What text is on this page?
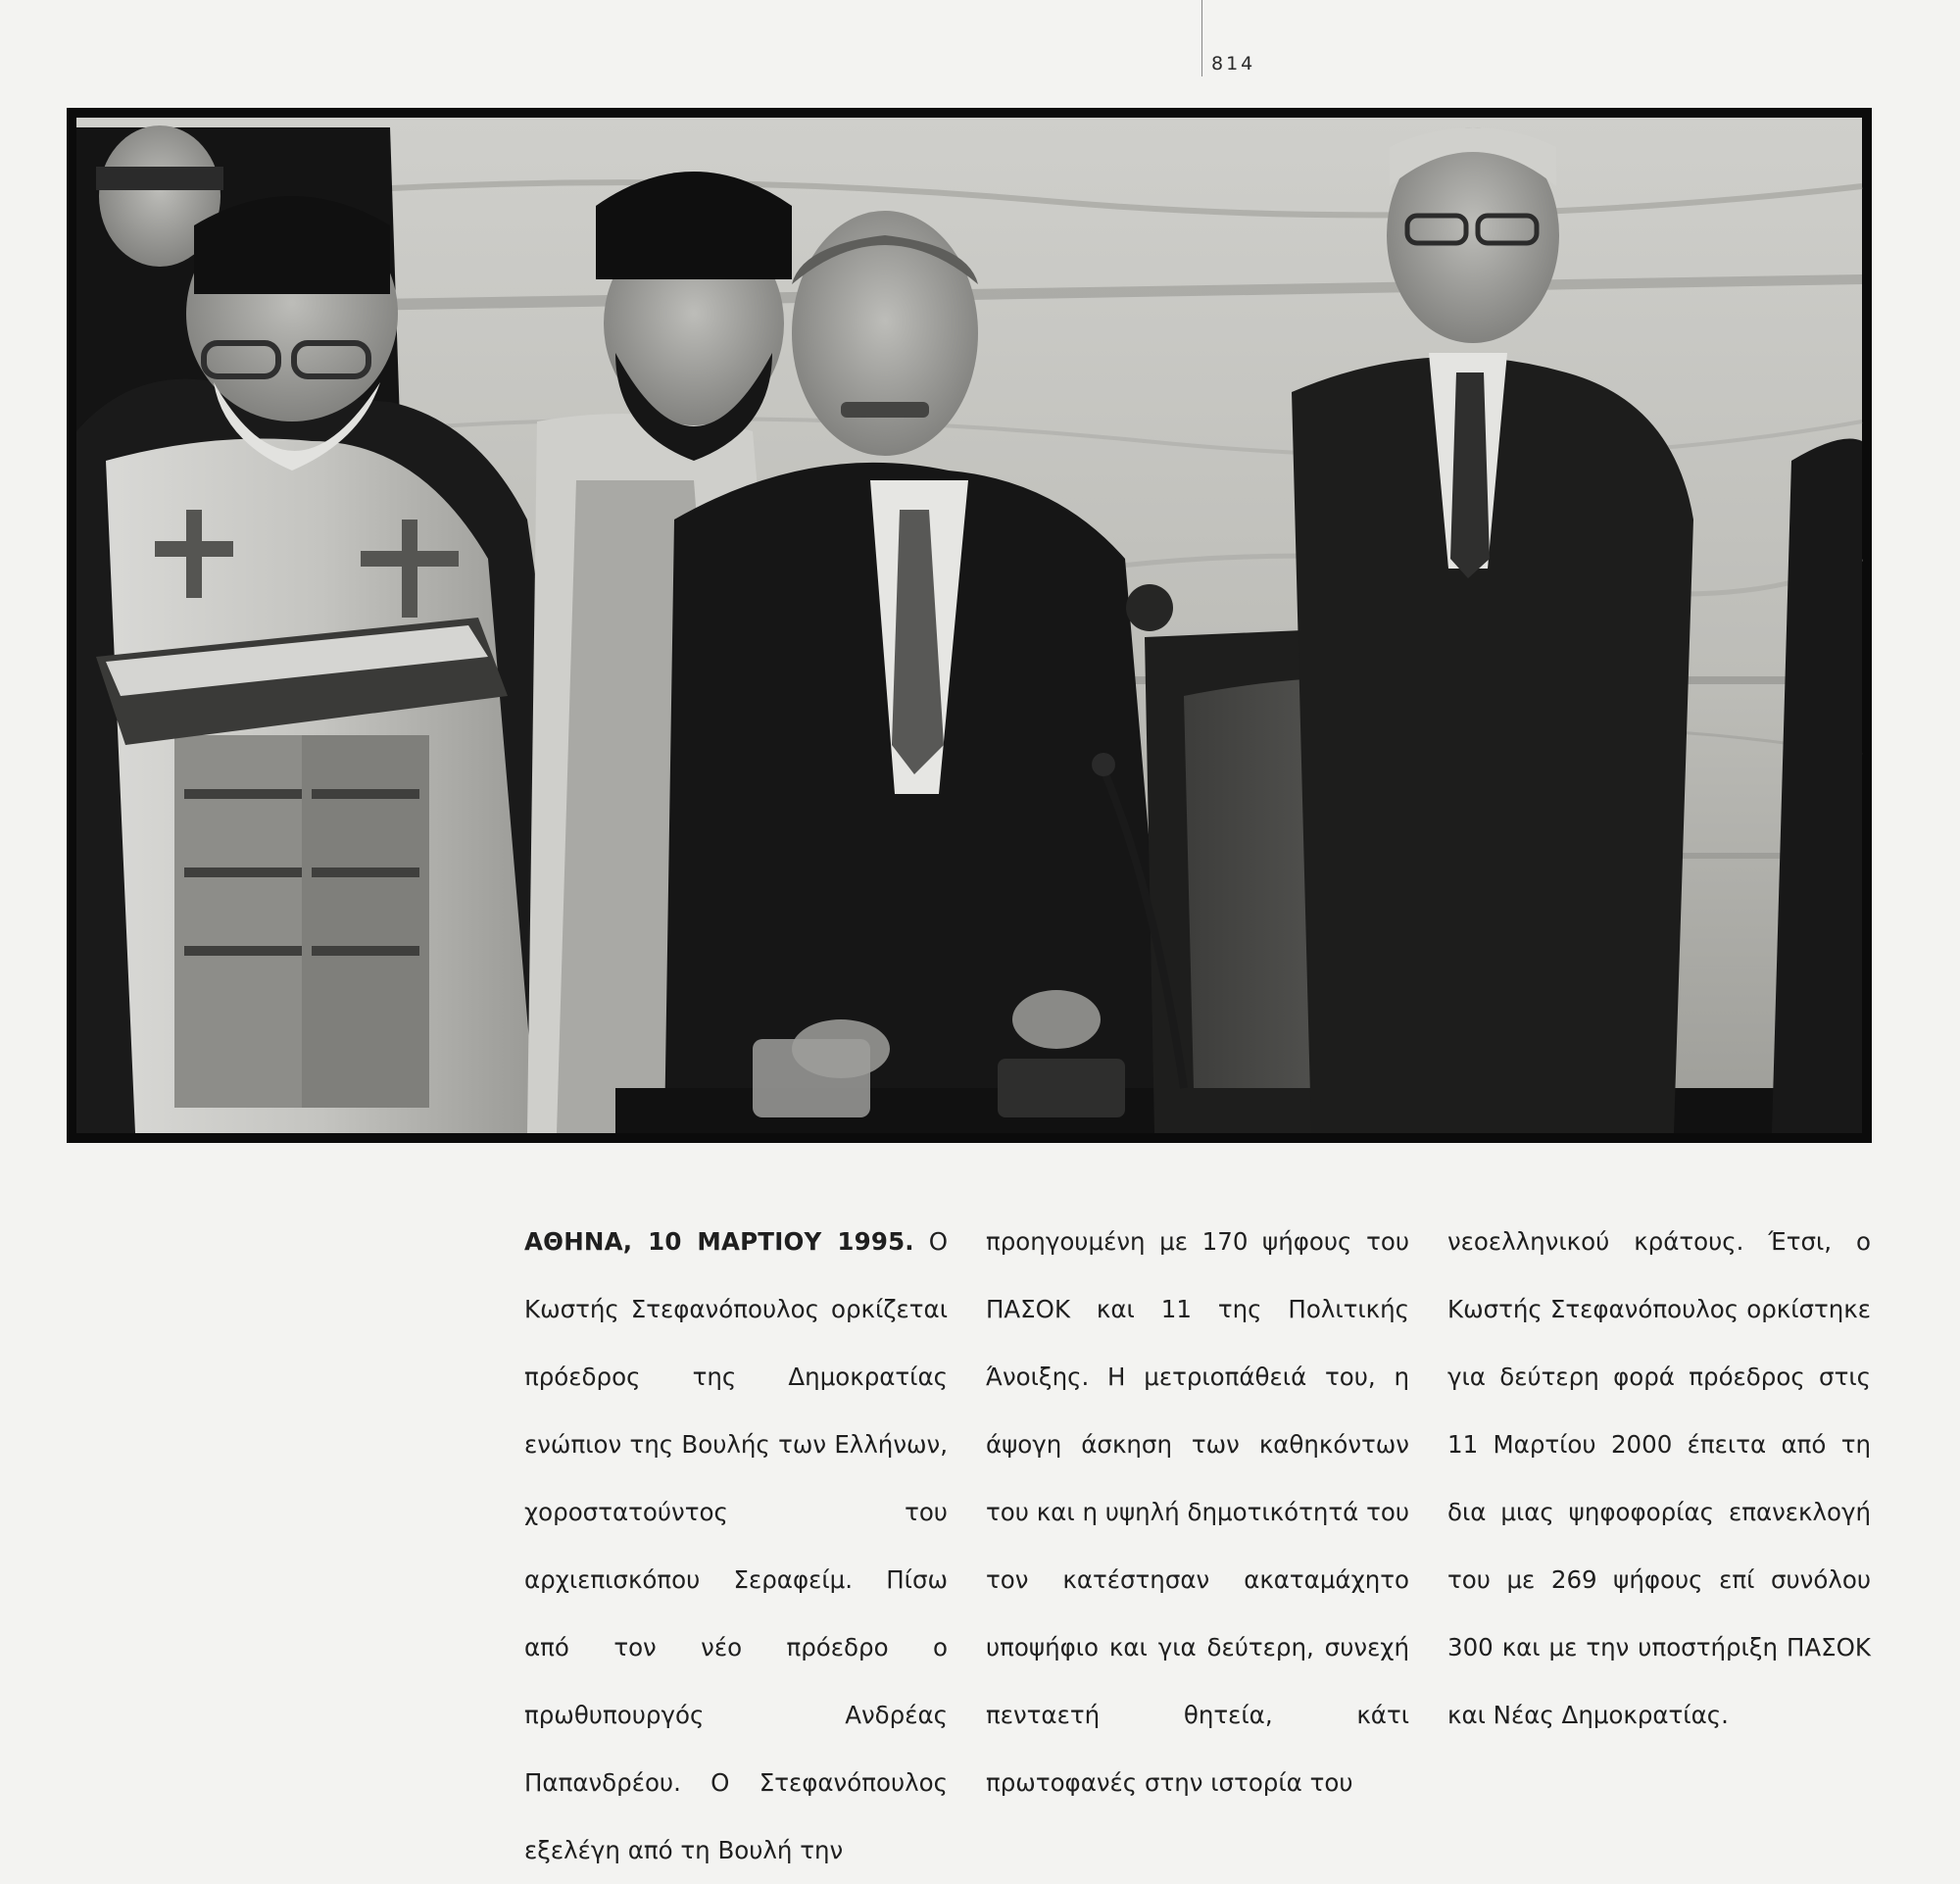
814
ΑΘΗΝΑ, 10 ΜΑΡΤΙΟΥ 1995. Ο Κωστής Στεφανόπουλος ορκίζεται πρόεδρος της Δημοκρατίας ενώπιον της Βουλής των Ελλήνων, χοροστατούντος του αρχιεπισκόπου Σεραφείμ. Πίσω από τον νέο πρόεδρο ο πρωθυπουργός Ανδρέας Παπανδρέου. Ο Στεφανόπουλος εξελέγη από τη Βουλή την
προηγουμένη με 170 ψήφους του ΠΑΣΟΚ και 11 της Πολιτικής Άνοιξης. Η μετριοπάθειά του, η άψογη άσκηση των καθηκόντων του και η υψηλή δημοτικότητά του τον κατέστησαν ακαταμάχητο υποψήφιο και για δεύτερη, συνεχή πενταετή θητεία, κάτι πρωτοφανές στην ιστορία του
νεοελληνικού κράτους. Έτσι, ο Κωστής Στεφανόπουλος ορκίστηκε για δεύτερη φορά πρόεδρος στις 11 Μαρτίου 2000 έπειτα από τη δια μιας ψηφοφορίας επανεκλογή του με 269 ψήφους επί συνόλου 300 και με την υποστήριξη ΠΑΣΟΚ και Νέας Δημοκρατίας.
